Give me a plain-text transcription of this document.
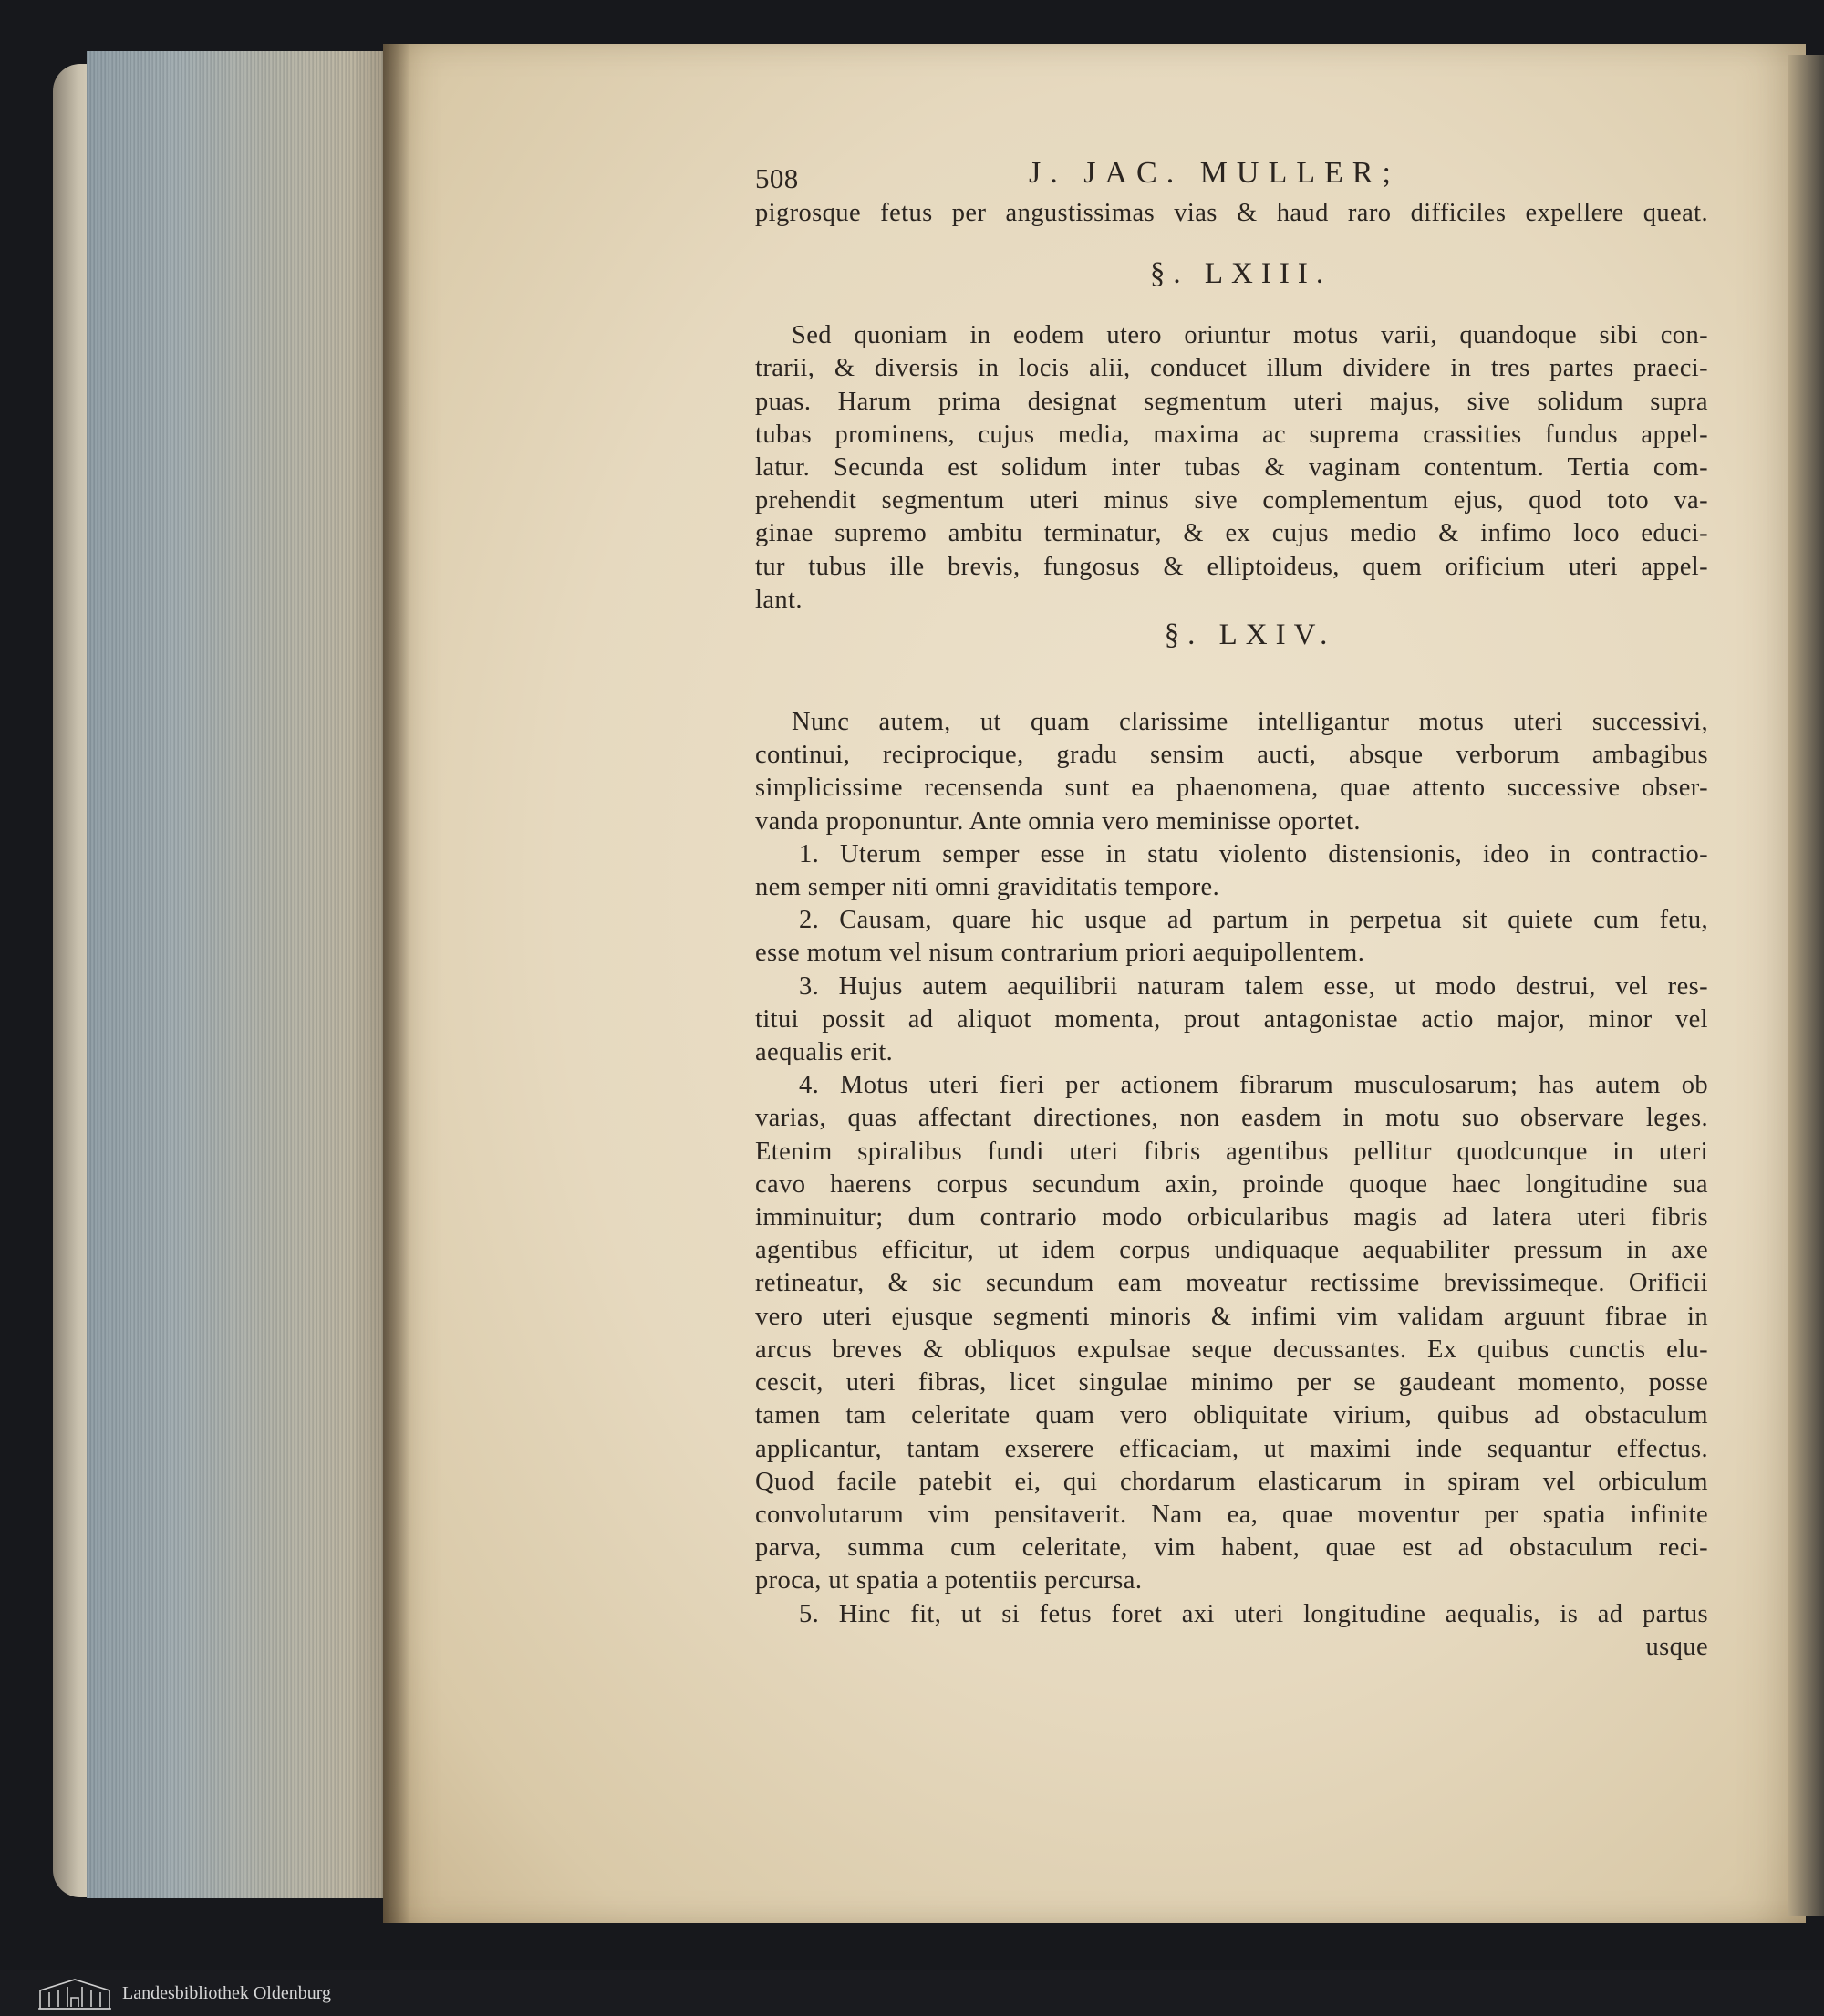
508	J. JAC. MULLER;
pigrosque fetus per angustissimas vias & haud raro difficiles expellere queat.
§. LXIII.
Sed quoniam in eodem utero oriuntur motus varii, quandoque sibi con-
trarii, & diversis in locis alii, conducet illum dividere in tres partes praeci-
puas. Harum prima designat segmentum uteri majus, sive solidum supra
tubas prominens, cujus media, maxima ac suprema crassities fundus appel-
latur. Secunda est solidum inter tubas & vaginam contentum. Tertia com-
prehendit segmentum uteri minus sive complementum ejus, quod toto va-
ginae supremo ambitu terminatur, & ex cujus medio & infimo loco educi-
tur tubus ille brevis, fungosus & elliptoideus, quem orificium uteri appel-
lant.
§. LXIV.
Nunc autem, ut quam clarissime intelligantur motus uteri successivi,
continui, reciprocique, gradu sensim aucti, absque verborum ambagibus
simplicissime recensenda sunt ea phaenomena, quae attento successive obser-
vanda proponuntur. Ante omnia vero meminisse oportet.
1. Uterum semper esse in statu violento distensionis, ideo in contractio-
nem semper niti omni graviditatis tempore.
2. Causam, quare hic usque ad partum in perpetua sit quiete cum fetu,
esse motum vel nisum contrarium priori aequipollentem.
3. Hujus autem aequilibrii naturam talem esse, ut modo destrui, vel res-
titui possit ad aliquot momenta, prout antagonistae actio major, minor vel
aequalis erit.
4. Motus uteri fieri per actionem fibrarum musculosarum; has autem ob
varias, quas affectant directiones, non easdem in motu suo observare leges.
Etenim spiralibus fundi uteri fibris agentibus pellitur quodcunque in uteri
cavo haerens corpus secundum axin, proinde quoque haec longitudine sua
imminuitur; dum contrario modo orbicularibus magis ad latera uteri fibris
agentibus efficitur, ut idem corpus undiquaque aequabiliter pressum in axe
retineatur, & sic secundum eam moveatur rectissime brevissimeque. Orificii
vero uteri ejusque segmenti minoris & infimi vim validam arguunt fibrae in
arcus breves & obliquos expulsae seque decussantes. Ex quibus cunctis elu-
cescit, uteri fibras, licet singulae minimo per se gaudeant momento, posse
tamen tam celeritate quam vero obliquitate virium, quibus ad obstaculum
applicantur, tantam exserere efficaciam, ut maximi inde sequantur effectus.
Quod facile patebit ei, qui chordarum elasticarum in spiram vel orbiculum
convolutarum vim pensitaverit. Nam ea, quae moventur per spatia infinite
parva, summa cum celeritate, vim habent, quae est ad obstaculum reci-
proca, ut spatia a potentiis percursa.
5. Hinc fit, ut si fetus foret axi uteri longitudine aequalis, is ad partus
usque
Landesbibliothek Oldenburg
